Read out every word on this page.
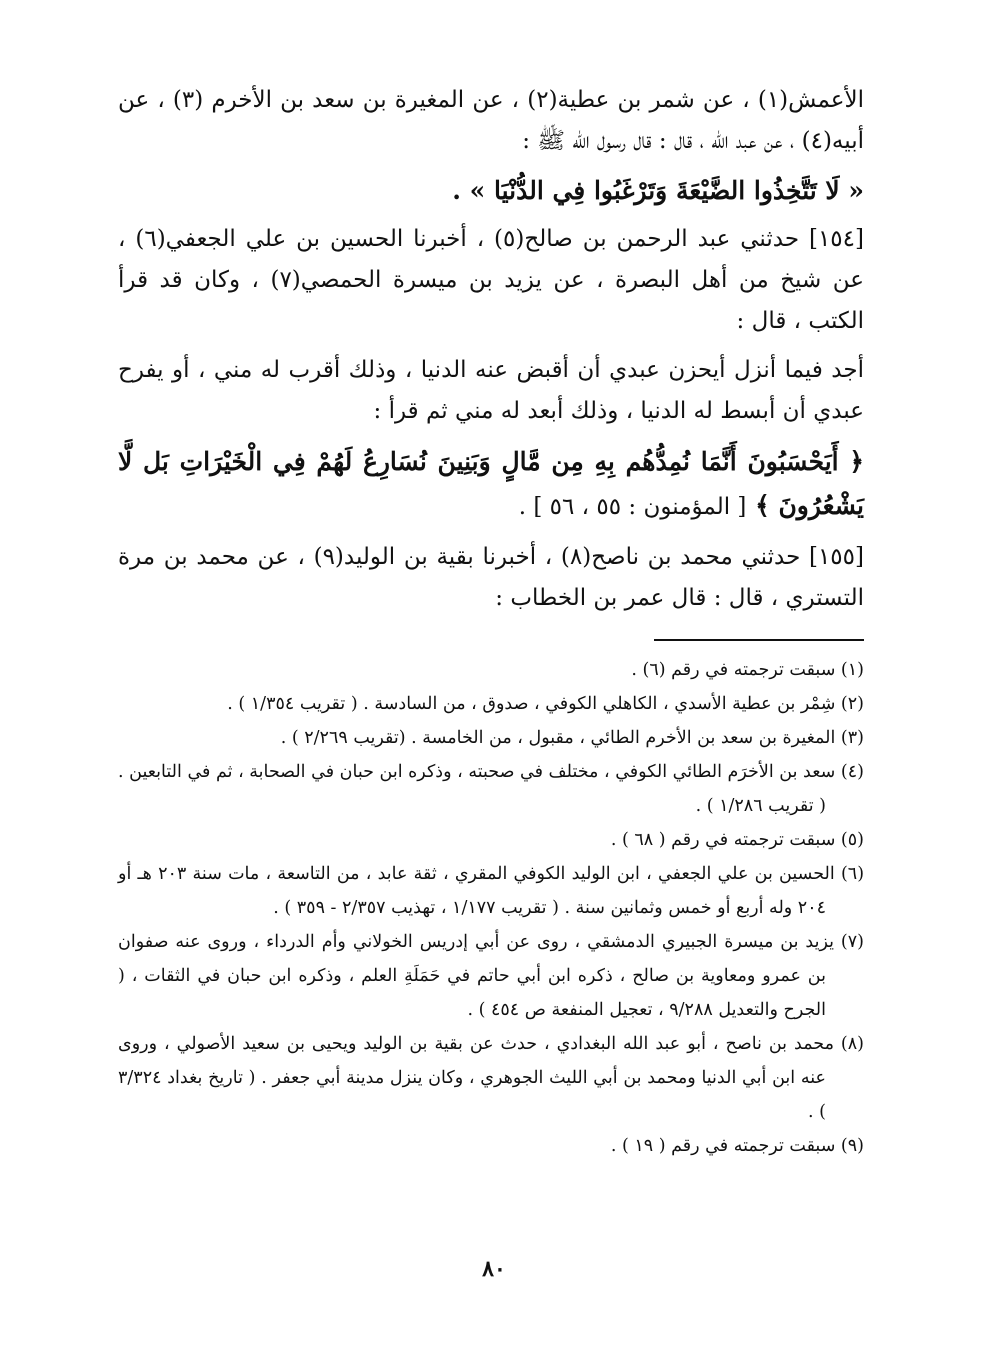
الأعمش(١) ، عن شمر بن عطية(٢) ، عن المغيرة بن سعد بن الأخرم (٣) ، عن أبيه(٤) ، عن عبد الله ، قال : قال رسول الله ﷺ :

« لَا تَتَّخِذُوا الضَّيْعَةَ وَتَرْغَبُوا فِي الدُّنْيَا » .

[١٥٤] حدثني عبد الرحمن بن صالح(٥) ، أخبرنا الحسين بن علي الجعفي(٦) ، عن شيخ من أهل البصرة ، عن يزيد بن ميسرة الحمصي(٧) ، وكان قد قرأ الكتب ، قال :

أجد فيما أنزل أيحزن عبدي أن أقبض عنه الدنيا ، وذلك أقرب له مني ، أو يفرح عبدي أن أبسط له الدنيا ، وذلك أبعد له مني ثم قرأ :

﴿ أَيَحْسَبُونَ أَنَّمَا نُمِدُّهُم بِهِ مِن مَّالٍ وَبَنِينَ نُسَارِعُ لَهُمْ فِي الْخَيْرَاتِ بَل لَّا يَشْعُرُونَ ﴾ [ المؤمنون : ٥٥ ، ٥٦ ] .

[١٥٥] حدثني محمد بن ناصح(٨) ، أخبرنا بقية بن الوليد(٩) ، عن محمد بن مرة التستري ، قال : قال عمر بن الخطاب :

(١) سبقت ترجمته في رقم (٦) .

(٢) شِمْر بن عطية الأسدي ، الكاهلي الكوفي ، صدوق ، من السادسة . ( تقريب ١/٣٥٤ ) .

(٣) المغيرة بن سعد بن الأخرم الطائي ، مقبول ، من الخامسة . (تقريب ٢/٢٦٩ ) .

(٤) سعد بن الأخرَم الطائي الكوفي ، مختلف في صحبته ، وذكره ابن حبان في الصحابة ، ثم في التابعين . ( تقريب ١/٢٨٦ ) .

(٥) سبقت ترجمته في رقم ( ٦٨ ) .

(٦) الحسين بن علي الجعفي ، ابن الوليد الكوفي المقري ، ثقة عابد ، من التاسعة ، مات سنة ٢٠٣ هـ أو ٢٠٤ وله أربع أو خمس وثمانين سنة . ( تقريب ١/١٧٧ ، تهذيب ٢/٣٥٧ - ٣٥٩ ) .

(٧) يزيد بن ميسرة الجبيري الدمشقي ، روى عن أبي إدريس الخولاني وأم الدرداء ، وروى عنه صفوان بن عمرو ومعاوية بن صالح ، ذكره ابن أبي حاتم في حَمَلَةِ العلم ، وذكره ابن حبان في الثقات ، ( الجرح والتعديل ٩/٢٨٨ ، تعجيل المنفعة ص ٤٥٤ ) .

(٨) محمد بن ناصح ، أبو عبد الله البغدادي ، حدث عن بقية بن الوليد ويحيى بن سعيد الأصولي ، وروى عنه ابن أبي الدنيا ومحمد بن أبي الليث الجوهري ، وكان ينزل مدينة أبي جعفر . ( تاريخ بغداد ٣/٣٢٤ ) .

(٩) سبقت ترجمته في رقم ( ١٩ ) .

٨٠
